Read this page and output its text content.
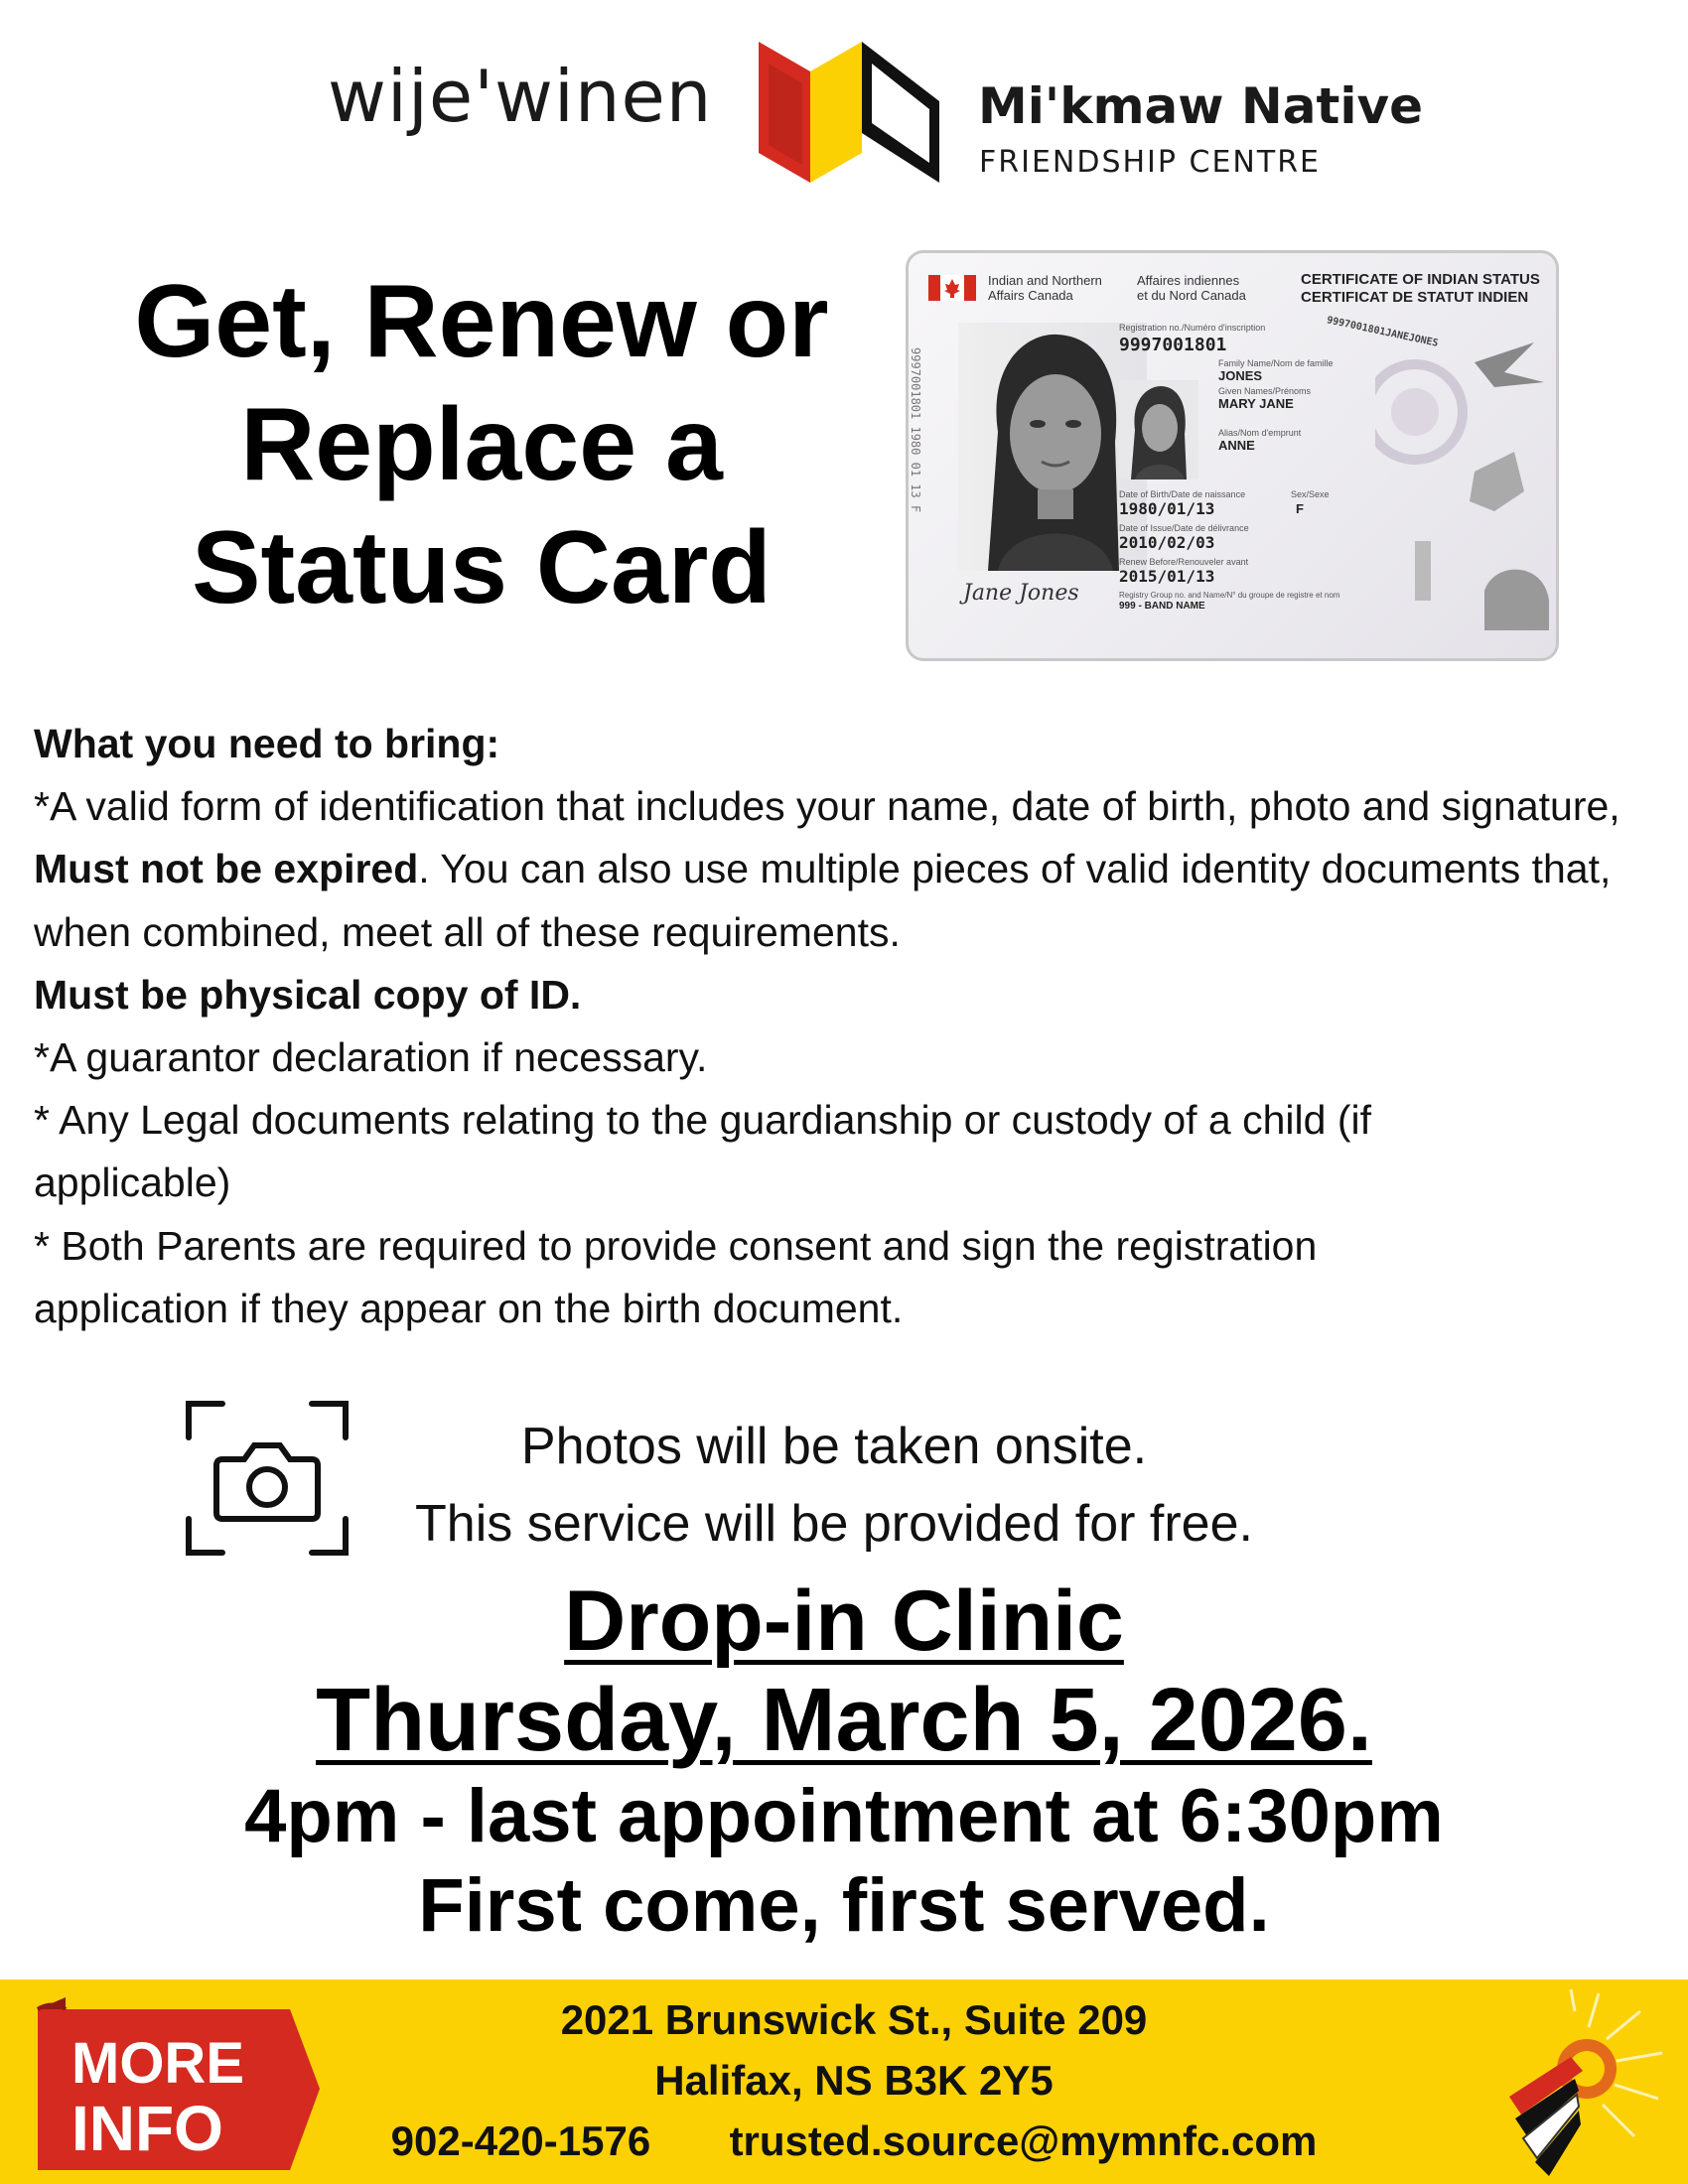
wije'winen	Mi'kmaw Native
FRIENDSHIP CENTRE
Get, Renew or
Replace a
Status Card
Indian and Northern
Affairs Canada
Affaires indiennes
et du Nord Canada
CERTIFICATE OF INDIAN STATUS
CERTIFICAT DE STATUT INDIEN
9997001801 1980 01 13 F
Registration no./Numéro d'inscription
9997001801	9997001801JANEJONES
Family Name/Nom de famille
JONES
Given Names/Prénoms
MARY JANE
Alias/Nom d'emprunt
ANNE
Date of Birth/Date de naissance	Sex/Sexe
1980/01/13	F
Date of Issue/Date de délivrance
2010/02/03
Renew Before/Renouveler avant
2015/01/13
Registry Group no. and Name/N° du groupe de registre et nom
999 - BAND NAME
Jane Jones

What you need to bring:

*A valid form of identification that includes your name, date of birth, photo and signature, Must not be expired. You can also use multiple pieces of valid identity documents that, when combined, meet all of these requirements.

Must be physical copy of ID.

*A guarantor declaration if necessary.

* Any Legal documents relating to the guardianship or custody of a child (if applicable)

* Both Parents are required to provide consent and sign the registration application if they appear on the birth document.

Photos will be taken onsite.
This service will be provided for free.
Drop-in Clinic
Thursday, March 5, 2026.
4pm - last appointment at 6:30pm
First come, first served.
MORE
INFO
2021 Brunswick St., Suite 209
Halifax, NS B3K 2Y5
902-420-1576 trusted.source@mymnfc.com
